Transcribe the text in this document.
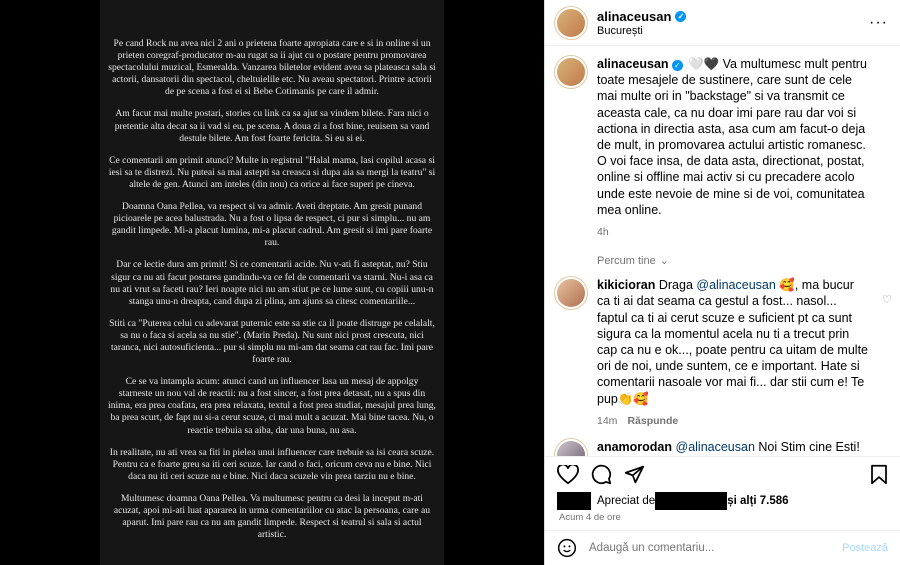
Pe cand Rock nu avea nici 2 ani o prietena foarte apropiata care e si in online si un prieten coregraf-producator m-au rugat sa ii ajut cu o postare pentru promovarea spectacolului muzical, Esmeralda. Vanzarea biletelor evident avea sa plateasca sala si actorii, dansatorii din spectacol, cheltuielile etc. Nu aveau spectatori. Printre actorii de pe scena a fost ei si Bebe Cotimanis pe care il admir.

Am facut mai multe postari, stories cu link ca sa ajut sa vindem bilete. Fara nici o pretentie alta decat sa ii vad si eu, pe scena. A doua zi a fost bine, reuisem sa vand destule bilete. Am fost foarte fericita. Si eu si ei.

Ce comentarii am primit atunci? Multe in registrul "Halal mama, lasi copilul acasa si iesi sa te distrezi. Nu puteai sa mai astepti sa creasca si dupa aia sa mergi la teatru" si altele de gen. Atunci am inteles (din nou) ca orice ai face superi pe cineva.

Doamna Oana Pellea, va respect si va admir. Aveti dreptate. Am gresit punand picioarele pe acea balustrada. Nu a fost o lipsa de respect, ci pur si simplu... nu am gandit limpede. Mi-a placut lumina, mi-a placut cadrul. Am gresit si imi pare foarte rau.

Dar ce lectie dura am primit! Si ce comentarii acide. Nu v-ati fi asteptat, nu? Stiu sigur ca nu ati facut postarea gandindu-va ce fel de comentarii va starni. Nu-i asa ca nu ati vrut sa faceti rau? Ieri noapte nici nu am stiut pe ce lume sunt, cu copiii unu-n stanga unu-n dreapta, cand dupa zi plina, am ajuns sa citesc comentariile...

Stiti ca "Puterea celui cu adevarat puternic este sa stie ca il poate distruge pe celalalt, sa nu o faca si acela sa nu stie". (Marin Preda). Nu sunt nici prost crescuta, nici taranca, nici autosuficienta... pur si simplu nu mi-am dat seama cat rau fac. Imi pare foarte rau.

Ce se va intampla acum: atunci cand un influencer lasa un mesaj de appolgy starneste un nou val de reactii: nu a fost sincer, a fost prea detasat, nu a spus din inima, era prea coafata, era prea relaxata, textul a fost prea studiat, mesajul prea lung, ba prea scurt, de fapt nu si-a cerut scuze, ci mai mult a acuzat. Mai bine tacea. Nu, o reactie trebuia sa aiba, dar una buna, nu asa.

In realitate, nu ati vrea sa fiti in pielea unui influencer care trebuie sa isi ceara scuze. Pentru ca e foarte greu sa iti ceri scuze. Iar cand o faci, oricum ceva nu e bine. Nici daca nu iti ceri scuze nu e bine. Nici daca scuzele vin prea tarziu nu e bine.

Multumesc doamna Oana Pellea. Va multumesc pentru ca desi la inceput m-ati acuzat, apoi mi-ati luat apararea in urma comentariilor cu atac la persoana, care au aparut. Imi pare rau ca nu am gandit limpede. Respect si teatrul si sala si actul artistic.

alinaceusan ✓
București	···
alinaceusan ✓ 🤍🖤 Va multumesc mult pentru toate mesajele de sustinere, care sunt de cele mai multe ori in "backstage" si va transmit ce aceasta cale, ca nu doar imi pare rau dar voi si actiona in directia asta, asa cum am facut-o deja de mult, in promovarea actului artistic romanesc. O voi face insa, de data asta, directionat, postat, online si offline mai activ si cu precadere acolo unde este nevoie de mine si de voi, comunitatea mea online.
4h
Percum tine ⌄
kikicioran Draga @alinaceusan 🥰, ma bucur ca ti ai dat seama ca gestul a fost... nasol... faptul ca ti ai cerut scuze e suficient pt ca sunt sigura ca la momentul acela nu ti a trecut prin cap ca nu e ok..., poate pentru ca uitam de multe ori de noi, unde suntem, ce e important. Hate si comentarii nasoale vor mai fi... dar stii cum e! Te pup👏🥰
14m Răspunde
♡
anamorodan @alinaceusan Noi Stim cine Esti!
Apreciat de	și alți 7.586
Acum 4 de ore
Adaugă un comentariu...
Postează
